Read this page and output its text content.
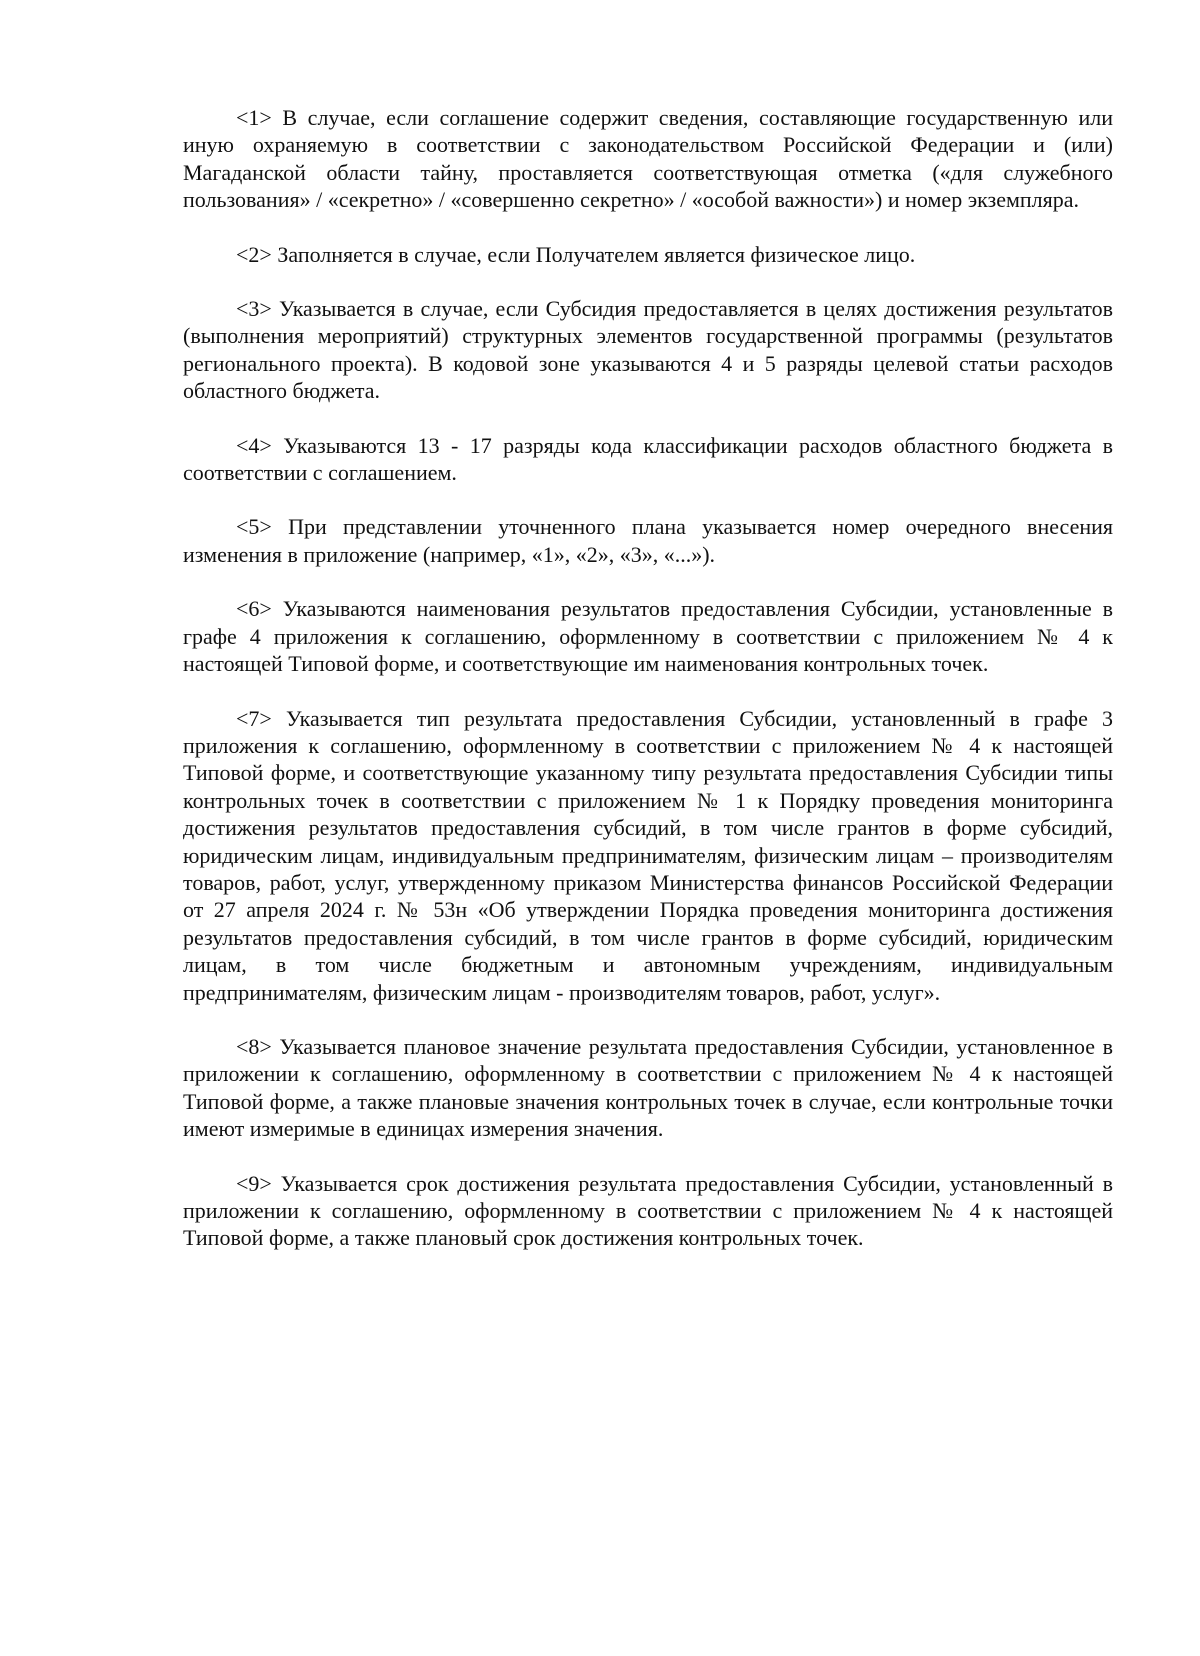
<1> В случае, если соглашение содержит сведения, составляющие государственную или иную охраняемую в соответствии с законодательством Российской Федерации и (или) Магаданской области тайну, проставляется соответствующая отметка («для служебного пользования» / «секретно» / «совершенно секретно» / «особой важности») и номер экземпляра.

<2> Заполняется в случае, если Получателем является физическое лицо.

<3> Указывается в случае, если Субсидия предоставляется в целях достижения результатов (выполнения мероприятий) структурных элементов государственной программы (результатов регионального проекта). В кодовой зоне указываются 4 и 5 разряды целевой статьи расходов областного бюджета.

<4> Указываются 13 - 17 разряды кода классификации расходов областного бюджета в соответствии с соглашением.

<5> При представлении уточненного плана указывается номер очередного внесения изменения в приложение (например, «1», «2», «3», «...»).

<6> Указываются наименования результатов предоставления Субсидии, установленные в графе 4 приложения к соглашению, оформленному в соответствии с приложением № 4 к настоящей Типовой форме, и соответствующие им наименования контрольных точек.

<7> Указывается тип результата предоставления Субсидии, установленный в графе 3 приложения к соглашению, оформленному в соответствии с приложением № 4 к настоящей Типовой форме, и соответствующие указанному типу результата предоставления Субсидии типы контрольных точек в соответствии с приложением № 1 к Порядку проведения мониторинга достижения результатов предоставления субсидий, в том числе грантов в форме субсидий, юридическим лицам, индивидуальным предпринимателям, физическим лицам – производителям товаров, работ, услуг, утвержденному приказом Министерства финансов Российской Федерации от 27 апреля 2024 г. № 53н «Об утверждении Порядка проведения мониторинга достижения результатов предоставления субсидий, в том числе грантов в форме субсидий, юридическим лицам, в том числе бюджетным и автономным учреждениям, индивидуальным предпринимателям, физическим лицам - производителям товаров, работ, услуг».

<8> Указывается плановое значение результата предоставления Субсидии, установленное в приложении к соглашению, оформленному в соответствии с приложением № 4 к настоящей Типовой форме, а также плановые значения контрольных точек в случае, если контрольные точки имеют измеримые в единицах измерения значения.

<9> Указывается срок достижения результата предоставления Субсидии, установленный в приложении к соглашению, оформленному в соответствии с приложением № 4 к настоящей Типовой форме, а также плановый срок достижения контрольных точек.
